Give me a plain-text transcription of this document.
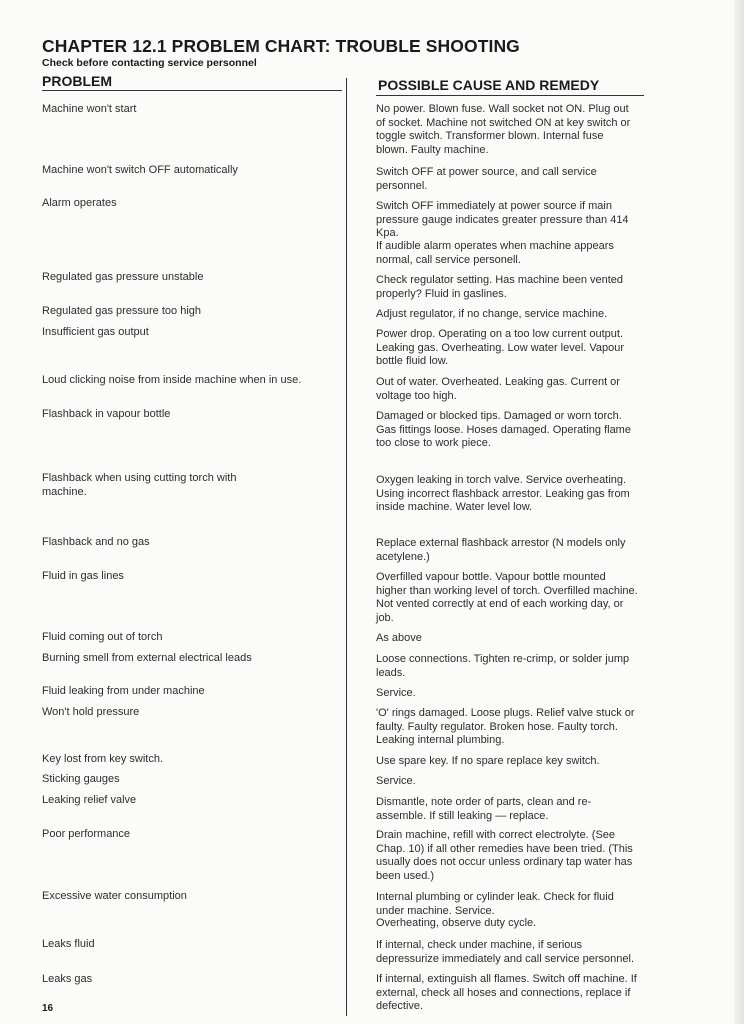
CHAPTER 12.1 PROBLEM CHART: TROUBLE SHOOTING
Check before contacting service personnel
PROBLEM	POSSIBLE CAUSE AND REMEDY
Machine won't start
Machine won't switch OFF automatically
Alarm operates
Regulated gas pressure unstable
Regulated gas pressure too high
Insufficient gas output
Loud clicking noise from inside machine when in use.
Flashback in vapour bottle
Flashback when using cutting torch with machine.
Flashback and no gas
Fluid in gas lines
Fluid coming out of torch
Burning smell from external electrical leads
Fluid leaking from under machine
Won't hold pressure
Key lost from key switch.
Sticking gauges
Leaking relief valve
Poor performance
Excessive water consumption
Leaks fluid
Leaks gas
No power. Blown fuse. Wall socket not ON. Plug out of socket. Machine not switched ON at key switch or toggle switch. Transformer blown. Internal fuse blown. Faulty machine.
Switch OFF at power source, and call service personnel.
Switch OFF immediately at power source if main pressure gauge indicates greater pressure than 414 Kpa.
If audible alarm operates when machine appears normal, call service personell.
Check regulator setting. Has machine been vented properly? Fluid in gaslines.
Adjust regulator, if no change, service machine.
Power drop. Operating on a too low current output. Leaking gas. Overheating. Low water level. Vapour bottle fluid low.
Out of water. Overheated. Leaking gas. Current or voltage too high.
Damaged or blocked tips. Damaged or worn torch. Gas fittings loose. Hoses damaged. Operating flame too close to work piece.
Oxygen leaking in torch valve. Service overheating. Using incorrect flashback arrestor. Leaking gas from inside machine. Water level low.
Replace external flashback arrestor (N models only acetylene.)
Overfilled vapour bottle. Vapour bottle mounted higher than working level of torch. Overfilled machine. Not vented correctly at end of each working day, or job.
As above
Loose connections. Tighten re-crimp, or solder jump leads.
Service.
'O' rings damaged. Loose plugs. Relief valve stuck or faulty. Faulty regulator. Broken hose. Faulty torch. Leaking internal plumbing.
Use spare key. If no spare replace key switch.
Service.
Dismantle, note order of parts, clean and re-assemble. If still leaking — replace.
Drain machine, refill with correct electrolyte. (See Chap. 10) if all other remedies have been tried. (This usually does not occur unless ordinary tap water has been used.)
Internal plumbing or cylinder leak. Check for fluid under machine. Service.
Overheating, observe duty cycle.
If internal, check under machine, if serious depressurize immediately and call service personnel.
If internal, extinguish all flames. Switch off machine. If external, check all hoses and connections, replace if defective.
16
